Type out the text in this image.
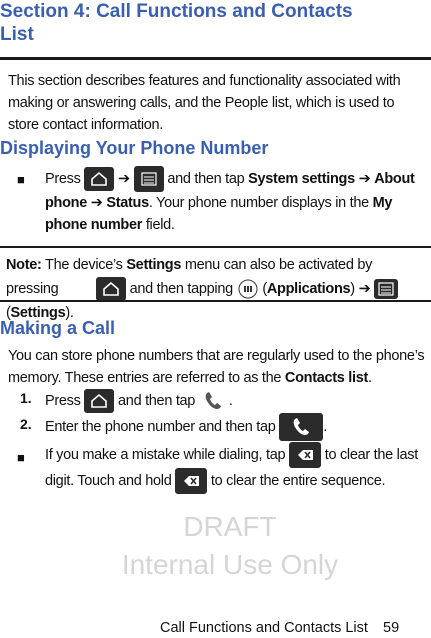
Section 4: Call Functions and Contacts
List

This section describes features and functionality associated with making or answering calls, and the People list, which is used to store contact information.

Displaying Your Phone Number
■ Press	➔	and then tap System settings ➔ About phone ➔ Status. Your phone number displays in the My phone number field.
Note: The device’s Settings menu can also be activated by pressing	and then tapping
(Applications) ➔
(Settings).
Making a Call
You can store phone numbers that are regularly used to the phone’s memory. These entries are referred to as the Contacts list.
1. Press	and then tap .
2. Enter the phone number and then tap	.
■ If you make a mistake while dialing, tap	to clear the last digit. Touch and hold	to clear the entire sequence.
DRAFT
Internal Use Only
Call Functions and Contacts List 59
